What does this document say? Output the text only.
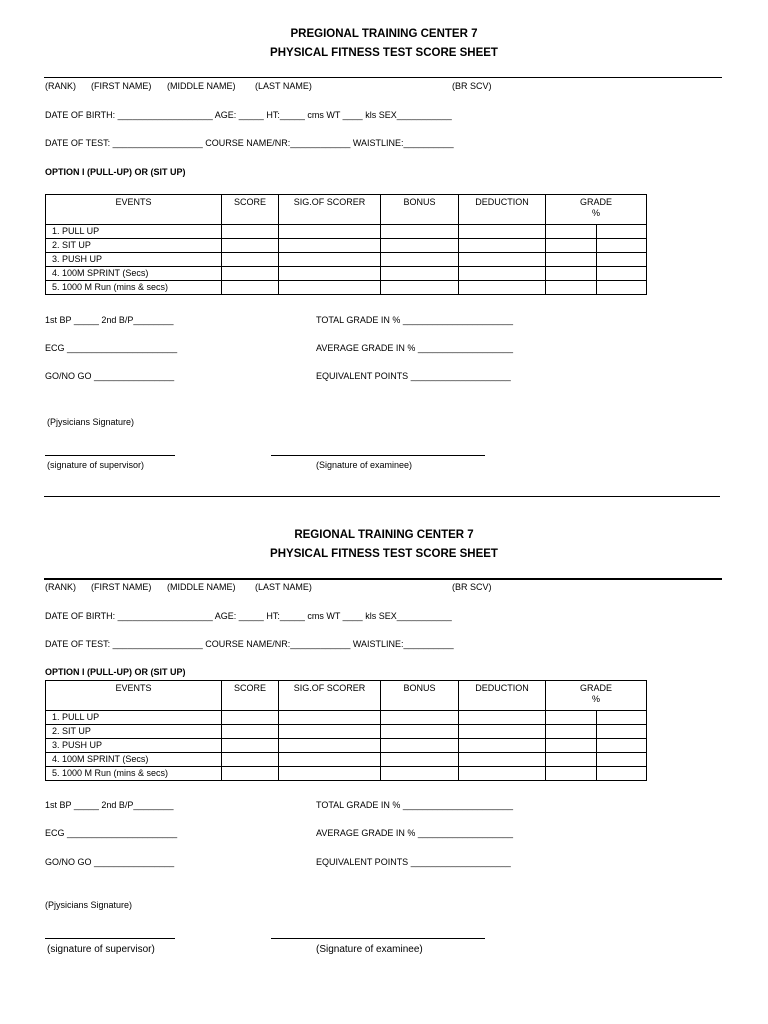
PREGIONAL TRAINING CENTER 7
PHYSICAL FITNESS TEST SCORE SHEET
(RANK) (FIRST NAME) (MIDDLE NAME) (LAST NAME)	(BR SCV)
DATE OF BIRTH: ___________________ AGE: _____ HT:_____ cms WT ____ kls SEX___________
DATE OF TEST: __________________ COURSE NAME/NR:____________ WAISTLINE:__________
OPTION I (PULL-UP) OR (SIT UP)
EVENTS	SCORE	SIG.OF SCORER	BONUS	DEDUCTION	GRADE
%	
1. PULL UP						
2. SIT UP						
3. PUSH UP						
4. 100M SPRINT (Secs)						
5. 1000 M Run (mins & secs)						
1st BP _____ 2nd B/P________	TOTAL GRADE IN % ______________________
ECG ______________________	AVERAGE GRADE IN % ___________________
GO/NO GO ________________	EQUIVALENT POINTS ____________________
(Pjysicians Signature)
(signature of supervisor)	(Signature of examinee)
REGIONAL TRAINING CENTER 7
PHYSICAL FITNESS TEST SCORE SHEET
(RANK) (FIRST NAME) (MIDDLE NAME) (LAST NAME)	(BR SCV)
DATE OF BIRTH: ___________________ AGE: _____ HT:_____ cms WT ____ kls SEX___________
DATE OF TEST: __________________ COURSE NAME/NR:____________ WAISTLINE:__________
OPTION I (PULL-UP) OR (SIT UP)
EVENTS	SCORE	SIG.OF SCORER	BONUS	DEDUCTION	GRADE
%	
1. PULL UP						
2. SIT UP						
3. PUSH UP						
4. 100M SPRINT (Secs)						
5. 1000 M Run (mins & secs)						
1st BP _____ 2nd B/P________	TOTAL GRADE IN % ______________________
ECG ______________________	AVERAGE GRADE IN % ___________________
GO/NO GO ________________	EQUIVALENT POINTS ____________________
(Pjysicians Signature)
(signature of supervisor)	(Signature of examinee)
